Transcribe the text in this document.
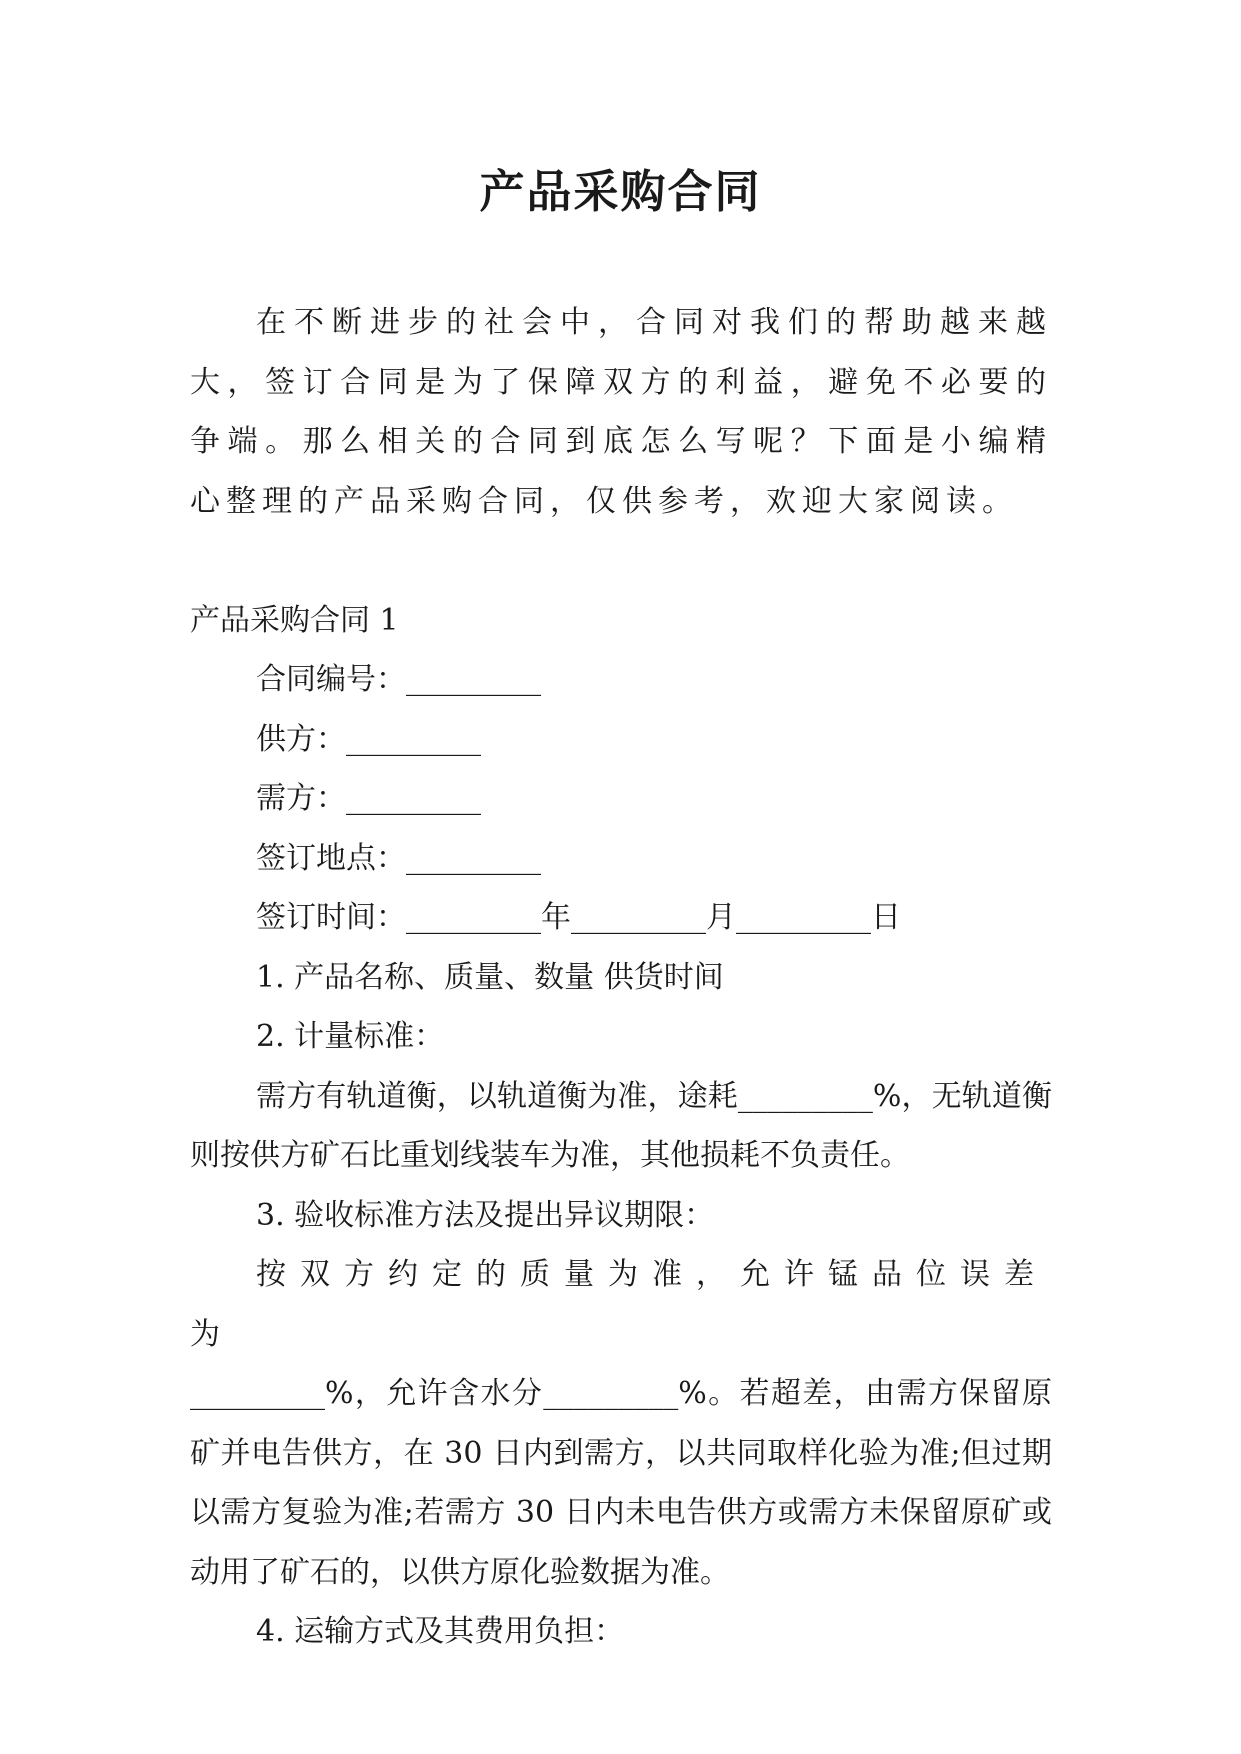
产品采购合同

在不断进步的社会中，合同对我们的帮助越来越大，签订合同是为了保障双方的利益，避免不必要的争端。那么相关的合同到底怎么写呢？下面是小编精心整理的产品采购合同，仅供参考，欢迎大家阅读。

产品采购合同 1

合同编号：_________

供方：_________

需方：_________

签订地点：_________

签订时间：_________年_________月_________日

1. 产品名称、质量、数量 供货时间

2. 计量标准：

需方有轨道衡，以轨道衡为准，途耗_________%，无轨道衡则按供方矿石比重划线装车为准，其他损耗不负责任。

3. 验收标准方法及提出异议期限：

按双方约定的质量为准，允许锰品位误差为

_________%，允许含水分_________%。若超差，由需方保留原矿并电告供方，在 30 日内到需方，以共同取样化验为准;但过期以需方复验为准;若需方 30 日内未电告供方或需方未保留原矿或动用了矿石的，以供方原化验数据为准。

4. 运输方式及其费用负担：
